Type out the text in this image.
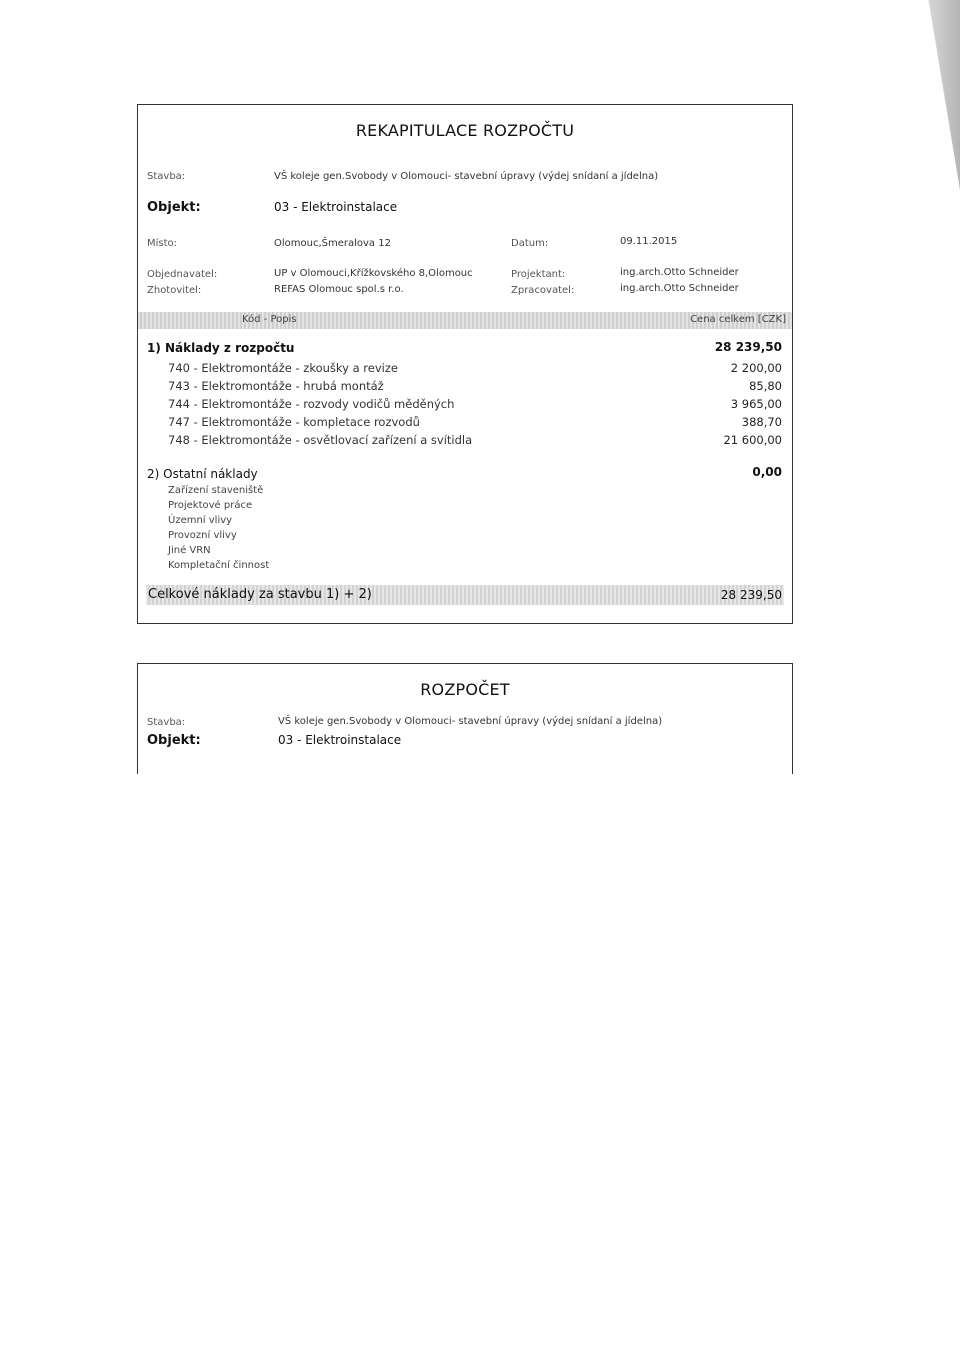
REKAPITULACE ROZPOČTU
Stavba:	VŠ koleje gen.Svobody v Olomouci- stavební úpravy (výdej snídaní a jídelna)
Objekt:	03 - Elektroinstalace
Místo:	Olomouc,Šmeralova 12	Datum:	09.11.2015
Objednavatel:	UP v Olomouci,Křížkovského 8,Olomouc	Projektant:	ing.arch.Otto Schneider
Zhotovitel:	REFAS Olomouc spol.s r.o.	Zpracovatel:	ing.arch.Otto Schneider
Kód - Popis	Cena celkem [CZK]
1) Náklady z rozpočtu	28 239,50
740 - Elektromontáže - zkoušky a revize	2 200,00
743 - Elektromontáže - hrubá montáž	85,80
744 - Elektromontáže - rozvody vodičů měděných	3 965,00
747 - Elektromontáže - kompletace rozvodů	388,70
748 - Elektromontáže - osvětlovací zařízení a svítidla	21 600,00
2) Ostatní náklady	0,00
Zařízení staveniště
Projektové práce
Územní vlivy
Provozní vlivy
Jiné VRN
Kompletační činnost
Celkové náklady za stavbu 1) + 2)	28 239,50
ROZPOČET
Stavba:	VŠ koleje gen.Svobody v Olomouci- stavební úpravy (výdej snídaní a jídelna)
Objekt:	03 - Elektroinstalace
